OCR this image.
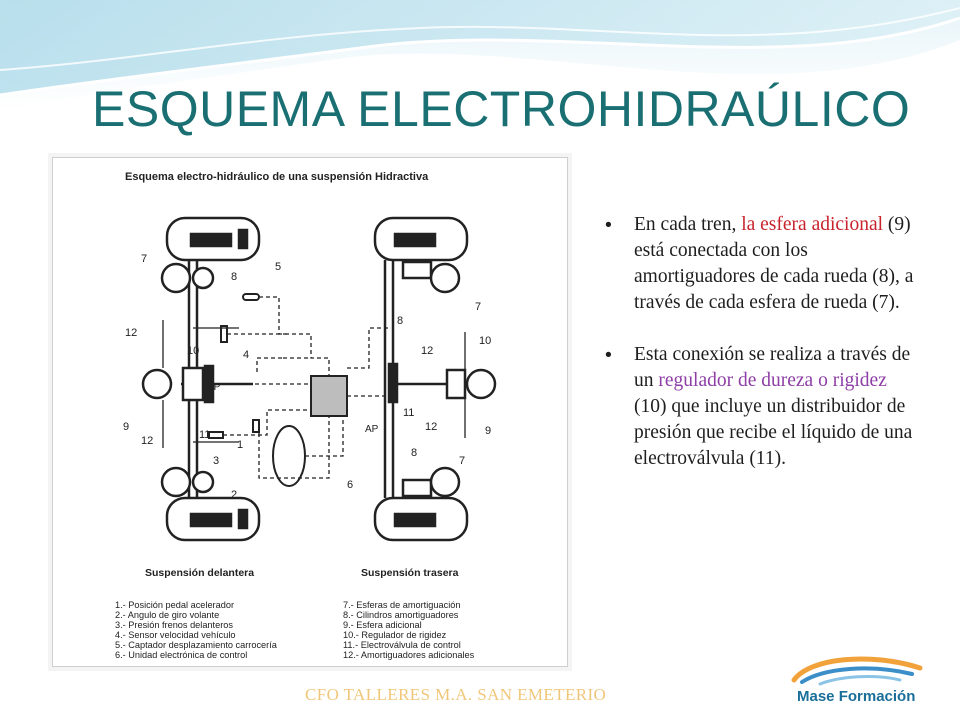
ESQUEMA ELECTROHIDRAÚLICO
Esquema electro-hidráulico de una suspensión Hidractiva
AP
AP
7
8
5
12
10	4
9
12	11
1
3
2
6
8
7
12
10
11
9
12
8
7
Suspensión delantera	Suspensión trasera
1.- Posición pedal acelerador
2.- Angulo de giro volante
3.- Presión frenos delanteros
4.- Sensor velocidad vehículo
5.- Captador desplazamiento carrocería
6.- Unidad electrónica de control
7.- Esferas de amortiguación
8.- Cilindros amortiguadores
9.- Esfera adicional
10.- Regulador de rigidez
11.- Electroválvula de control
12.- Amortiguadores adicionales
• En cada tren, la esfera adicional (9) está conectada con los amortiguadores de cada rueda (8), a través de cada esfera de rueda (7).
• Esta conexión se realiza a través de un regulador de dureza o rigidez (10) que incluye un distribuidor de presión que recibe el líquido de una electroválvula (11).
CFO TALLERES M.A. SAN EMETERIO	Mase Formación
